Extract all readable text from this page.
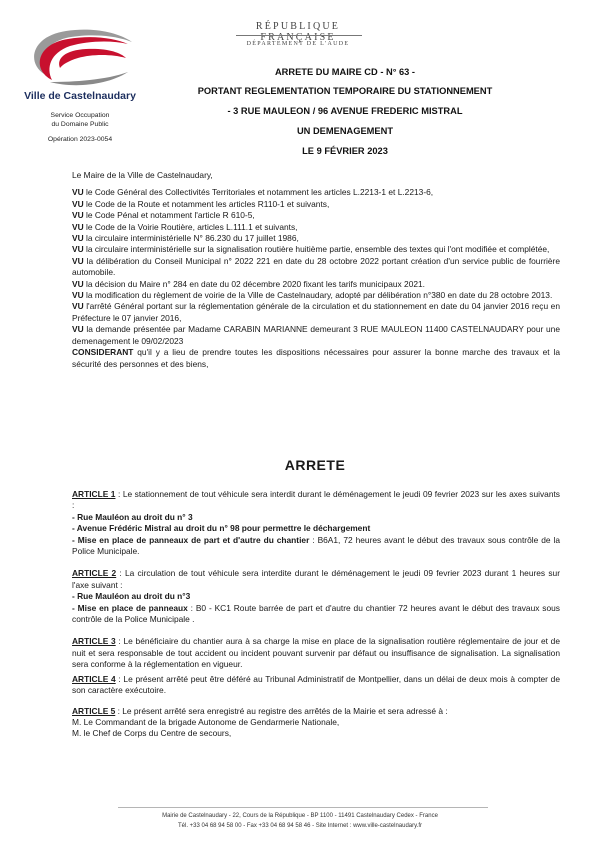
Ville de Castelnaudary
Service Occupation
du Domaine Public
Opération 2023-0054
RÉPUBLIQUE FRANÇAISE
DÉPARTEMENT DE L'AUDE
ARRETE DU MAIRE CD - N° 63 -
PORTANT REGLEMENTATION TEMPORAIRE DU STATIONNEMENT
- 3 RUE MAULEON / 96 AVENUE FREDERIC MISTRAL
UN DEMENAGEMENT
LE 9 FÉVRIER 2023

Le Maire de la Ville de Castelnaudary,

VU le Code Général des Collectivités Territoriales et notamment les articles L.2213-1 et L.2213-6,

VU le Code de la Route et notamment les articles R110-1 et suivants,

VU le Code Pénal et notamment l'article R 610-5,

VU le Code de la Voirie Routière, articles L.111.1 et suivants,

VU la circulaire interministérielle N° 86.230 du 17 juillet 1986,

VU la circulaire interministérielle sur la signalisation routière huitième partie, ensemble des textes qui l'ont modifiée et complétée,

VU la délibération du Conseil Municipal n° 2022 221 en date du 28 octobre 2022 portant création d'un service public de fourrière automobile.

VU la décision du Maire n° 284 en date du 02 décembre 2020 fixant les tarifs municipaux 2021.

VU la modification du règlement de voirie de la Ville de Castelnaudary, adopté par délibération n°380 en date du 28 octobre 2013.

VU l'arrêté Général portant sur la réglementation générale de la circulation et du stationnement en date du 04 janvier 2016 reçu en Préfecture le 07 janvier 2016,

VU la demande présentée par Madame CARABIN MARIANNE demeurant 3 RUE MAULEON 11400 CASTELNAUDARY pour une demenagement le 09/02/2023

CONSIDERANT qu'il y a lieu de prendre toutes les dispositions nécessaires pour assurer la bonne marche des travaux et la sécurité des personnes et des biens,

ARRETE

ARTICLE 1 : Le stationnement de tout véhicule sera interdit durant le déménagement le jeudi 09 fevrier 2023 sur les axes suivants :

- Rue Mauléon au droit du n° 3

- Avenue Frédéric Mistral au droit du n° 98 pour permettre le déchargement

- Mise en place de panneaux de part et d'autre du chantier : B6A1, 72 heures avant le début des travaux sous contrôle de la Police Municipale.

ARTICLE 2 : La circulation de tout véhicule sera interdite durant le déménagement le jeudi 09 fevrier 2023 durant 1 heures sur l'axe suivant :

- Rue Mauléon au droit du n°3

- Mise en place de panneaux : B0 - KC1 Route barrée de part et d'autre du chantier 72 heures avant le début des travaux sous contrôle de la Police Municipale .

ARTICLE 3 : Le bénéficiaire du chantier aura à sa charge la mise en place de la signalisation routière réglementaire de jour et de nuit et sera responsable de tout accident ou incident pouvant survenir par défaut ou insuffisance de signalisation. La signalisation sera conforme à la réglementation en vigueur.

ARTICLE 4 : Le présent arrêté peut être déféré au Tribunal Administratif de Montpellier, dans un délai de deux mois à compter de son caractère exécutoire.

ARTICLE 5 : Le présent arrêté sera enregistré au registre des arrêtés de la Mairie et sera adressé à :

M. Le Commandant de la brigade Autonome de Gendarmerie Nationale,

M. le Chef de Corps du Centre de secours,

Mairie de Castelnaudary - 22, Cours de la République - BP 1100 - 11491 Castelnaudary Cedex - France
Tél. +33 04 68 94 58 00 - Fax +33 04 68 94 58 46 - Site Internet : www.ville-castelnaudary.fr
